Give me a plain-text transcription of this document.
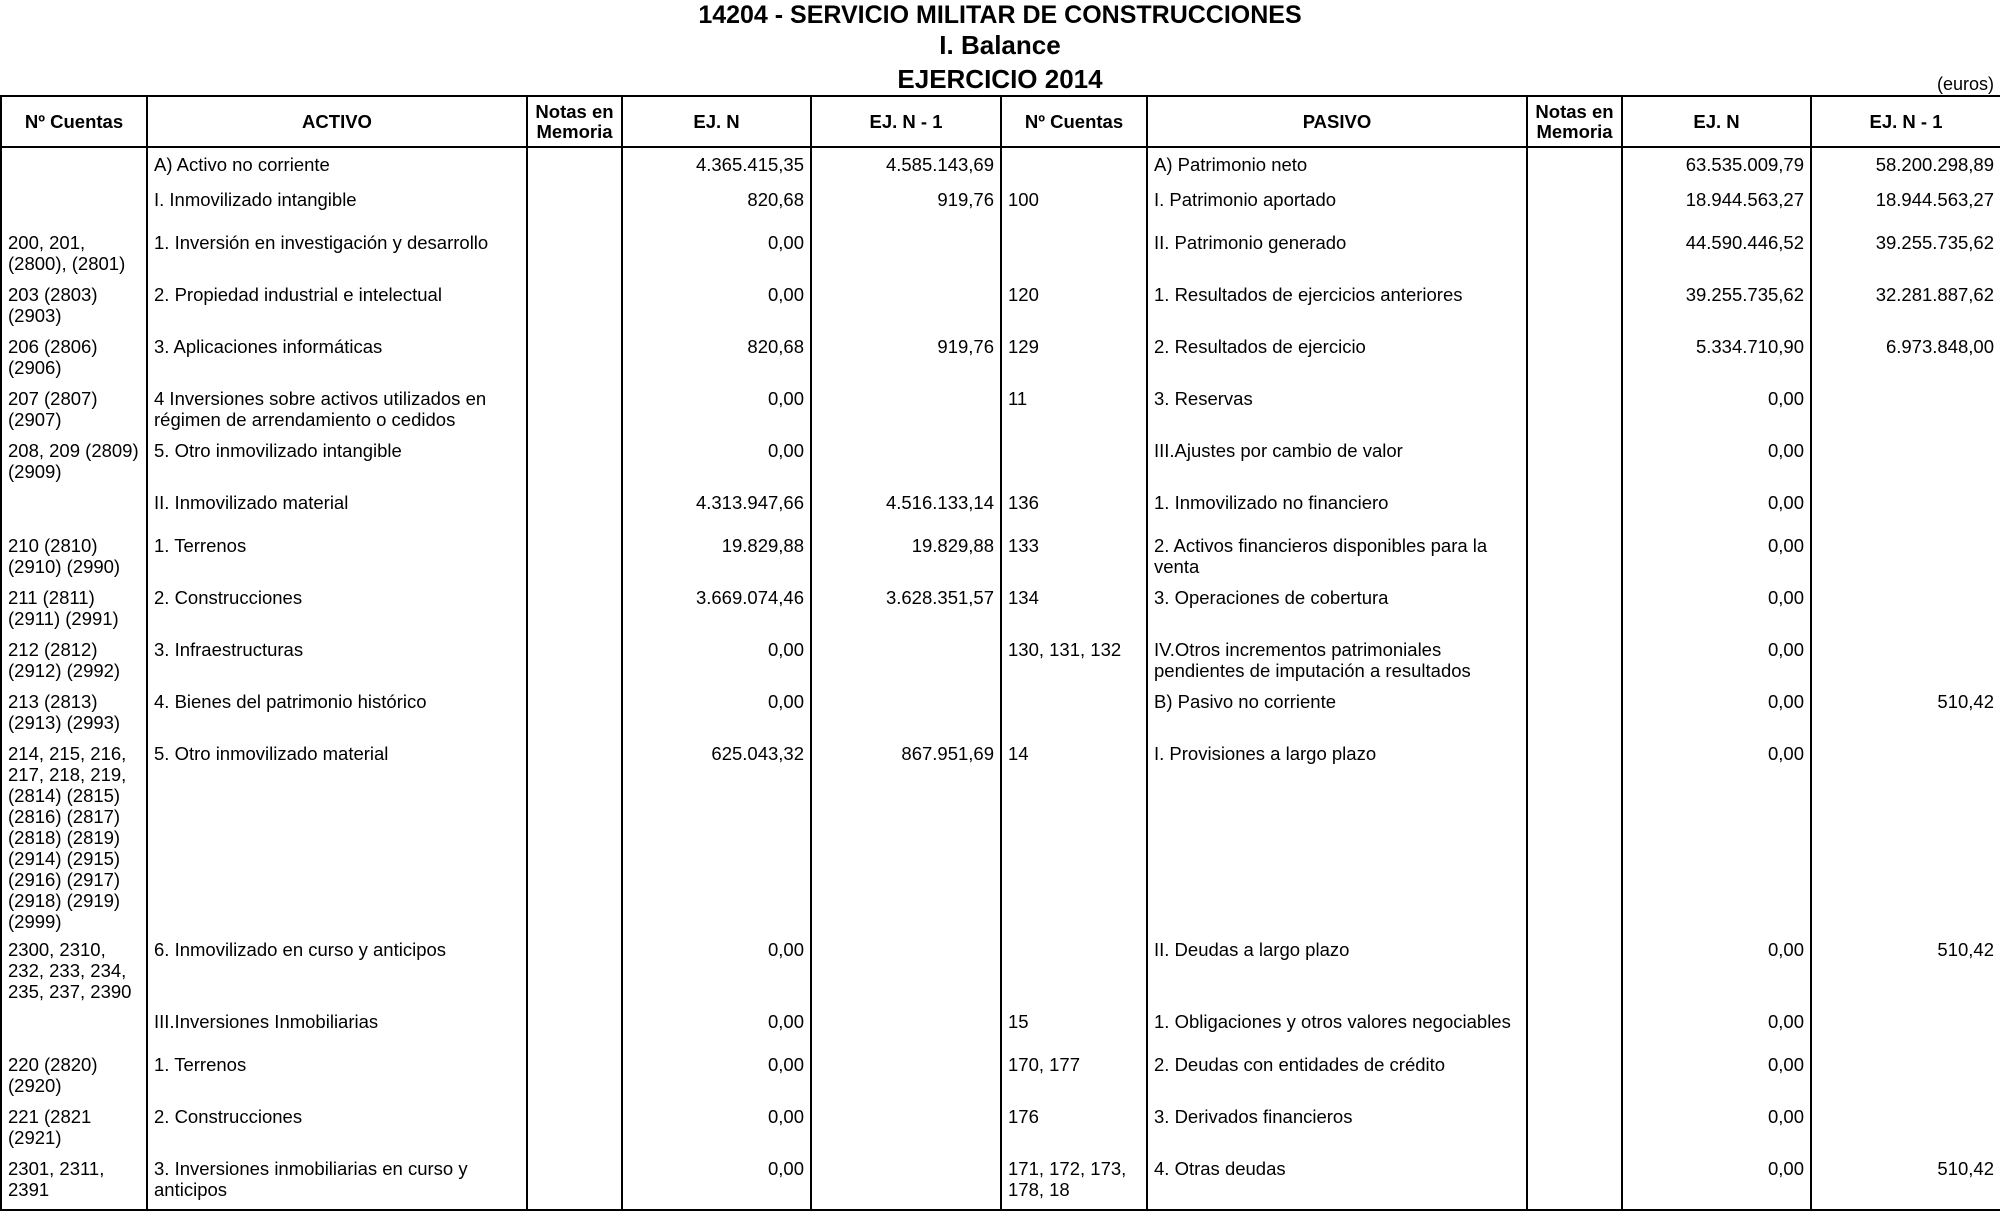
14204 - SERVICIO MILITAR DE CONSTRUCCIONES
I. Balance
EJERCICIO 2014	(euros)
Nº Cuentas	ACTIVO	Notas en Memoria	EJ. N	EJ. N - 1	Nº Cuentas	PASIVO	Notas en Memoria	EJ. N	EJ. N - 1
	A) Activo no corriente		4.365.415,35	4.585.143,69		A) Patrimonio neto		63.535.009,79	58.200.298,89
	I. Inmovilizado intangible		820,68	919,76	100	I. Patrimonio aportado		18.944.563,27	18.944.563,27
200, 201, (2800), (2801)	1. Inversión en investigación y desarrollo		0,00			II. Patrimonio generado		44.590.446,52	39.255.735,62
203 (2803) (2903)	2. Propiedad industrial e intelectual		0,00		120	1. Resultados de ejercicios anteriores		39.255.735,62	32.281.887,62
206 (2806) (2906)	3. Aplicaciones informáticas		820,68	919,76	129	2. Resultados de ejercicio		5.334.710,90	6.973.848,00
207 (2807) (2907)	4 Inversiones sobre activos utilizados en régimen de arrendamiento o cedidos		0,00		11	3. Reservas		0,00	
208, 209 (2809) (2909)	5. Otro inmovilizado intangible		0,00			III.Ajustes por cambio de valor		0,00	
	II. Inmovilizado material		4.313.947,66	4.516.133,14	136	1. Inmovilizado no financiero		0,00	
210 (2810) (2910) (2990)	1. Terrenos		19.829,88	19.829,88	133	2. Activos financieros disponibles para la venta		0,00	
211 (2811) (2911) (2991)	2. Construcciones		3.669.074,46	3.628.351,57	134	3. Operaciones de cobertura		0,00	
212 (2812) (2912) (2992)	3. Infraestructuras		0,00		130, 131, 132	IV.Otros incrementos patrimoniales pendientes de imputación a resultados		0,00	
213 (2813) (2913) (2993)	4. Bienes del patrimonio histórico		0,00			B) Pasivo no corriente		0,00	510,42
214, 215, 216, 217, 218, 219, (2814) (2815) (2816) (2817) (2818) (2819) (2914) (2915) (2916) (2917) (2918) (2919) (2999)	5. Otro inmovilizado material		625.043,32	867.951,69	14	I. Provisiones a largo plazo		0,00	
2300, 2310, 232, 233, 234, 235, 237, 2390	6. Inmovilizado en curso y anticipos		0,00			II. Deudas a largo plazo		0,00	510,42
	III.Inversiones Inmobiliarias		0,00		15	1. Obligaciones y otros valores negociables		0,00	
220 (2820) (2920)	1. Terrenos		0,00		170, 177	2. Deudas con entidades de crédito		0,00	
221 (2821 (2921)	2. Construcciones		0,00		176	3. Derivados financieros		0,00	
2301, 2311, 2391	3. Inversiones inmobiliarias en curso y anticipos		0,00		171, 172, 173, 178, 18	4. Otras deudas		0,00	510,42
